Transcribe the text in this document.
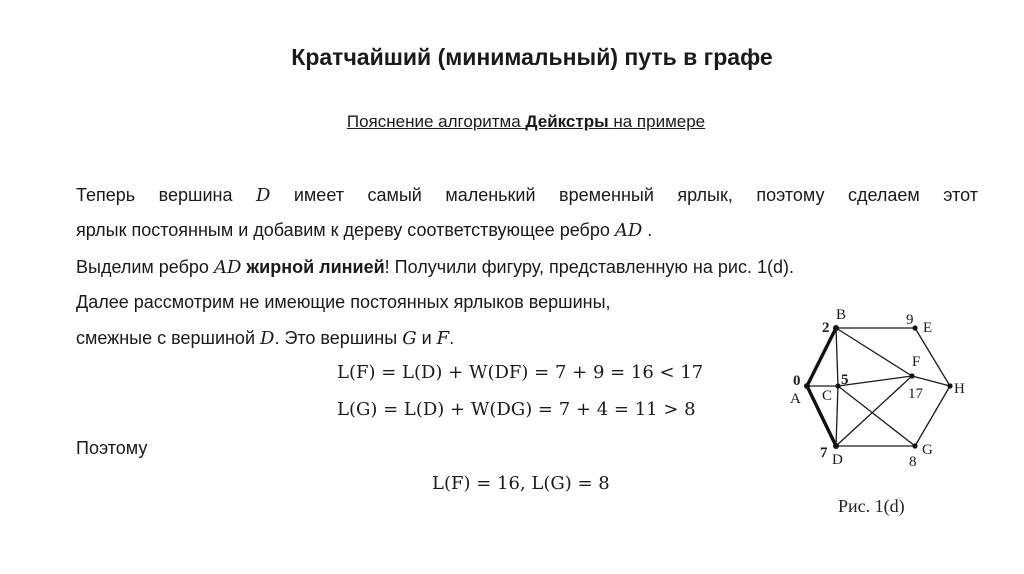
Кратчайший (минимальный) путь в графе
Пояснение алгоритма Дейкстры на примере
Теперь вершина D имеет самый маленький временный ярлык, поэтому сделаем этот
ярлык постоянным и добавим к дереву соответствующее ребро AD .
Выделим ребро AD жирной линией! Получили фигуру, представленную на рис. 1(d).
Далее рассмотрим не имеющие постоянных ярлыков вершины,
смежные с вершиной D. Это вершины G и F.
L(F) = L(D) + W(DF) = 7 + 9 = 16 < 17
L(G) = L(D) + W(DG) = 7 + 4 = 11 > 8
Поэтому
L(F) = 16, L(G) = 8
B
2	E
9
F
17 H
0
A
5
C
7 D
G
8
Рис. 1(d)
